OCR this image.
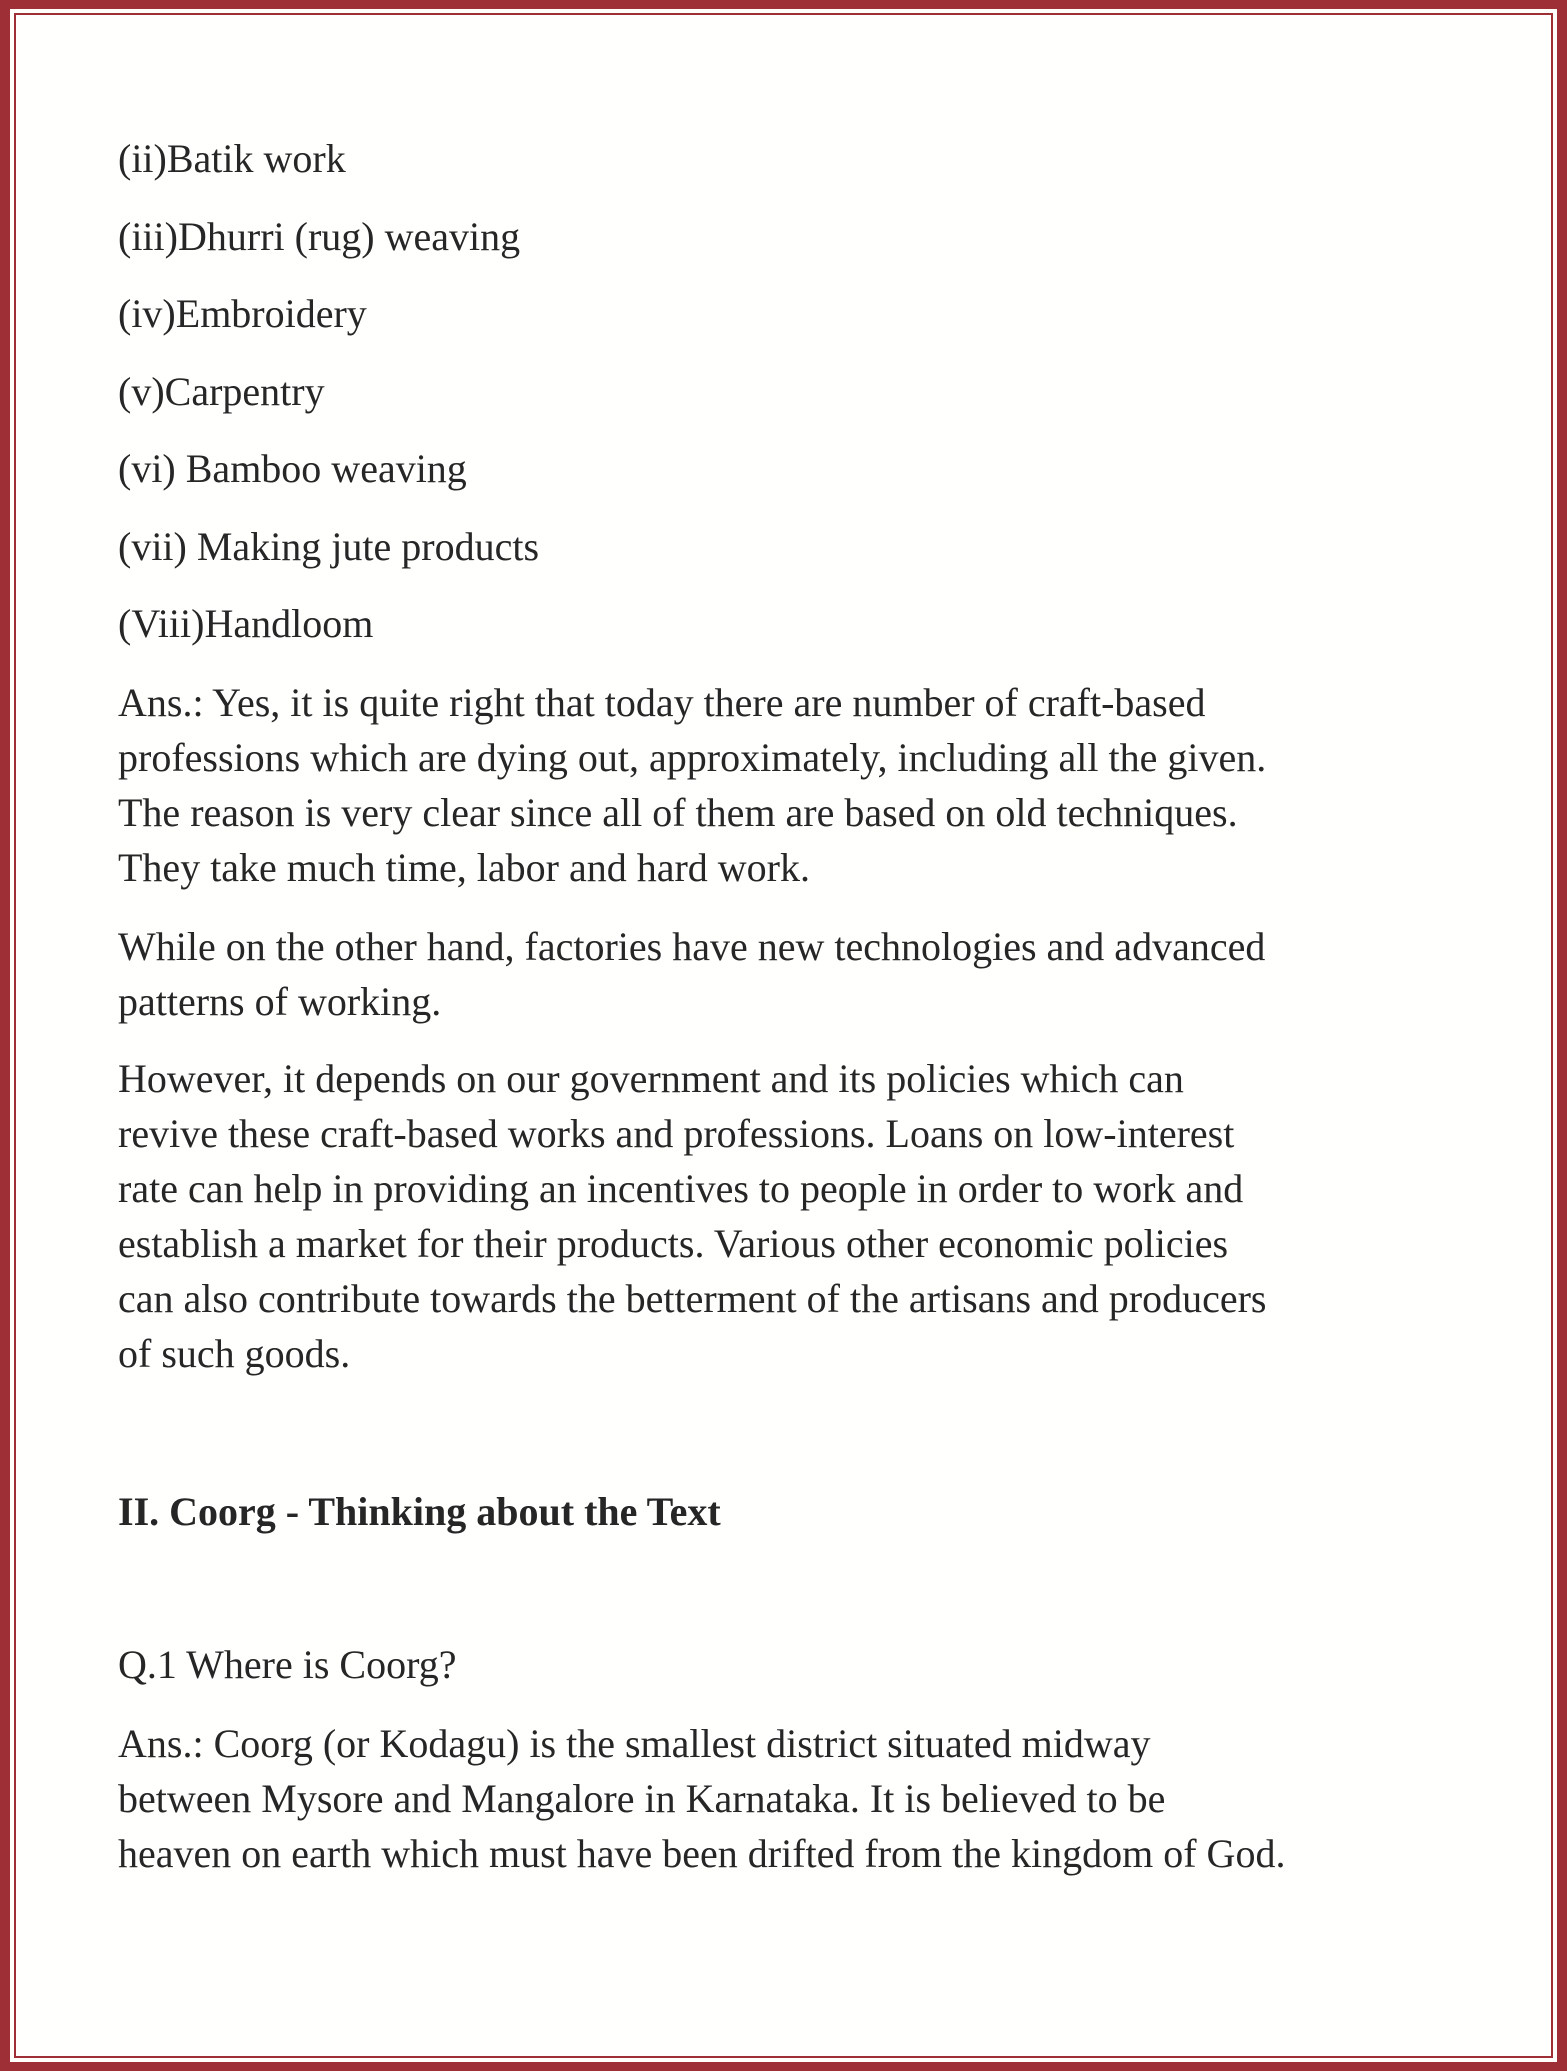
(ii)Batik work
(iii)Dhurri (rug) weaving
(iv)Embroidery
(v)Carpentry
(vi) Bamboo weaving
(vii) Making jute products
(Viii)Handloom
Ans.: Yes, it is quite right that today there are number of craft-based
professions which are dying out, approximately, including all the given.
The reason is very clear since all of them are based on old techniques.
They take much time, labor and hard work.
While on the other hand, factories have new technologies and advanced
patterns of working.
However, it depends on our government and its policies which can
revive these craft-based works and professions. Loans on low-interest
rate can help in providing an incentives to people in order to work and
establish a market for their products. Various other economic policies
can also contribute towards the betterment of the artisans and producers
of such goods.
II. Coorg - Thinking about the Text
Q.1 Where is Coorg?
Ans.: Coorg (or Kodagu) is the smallest district situated midway
between Mysore and Mangalore in Karnataka. It is believed to be
heaven on earth which must have been drifted from the kingdom of God.
